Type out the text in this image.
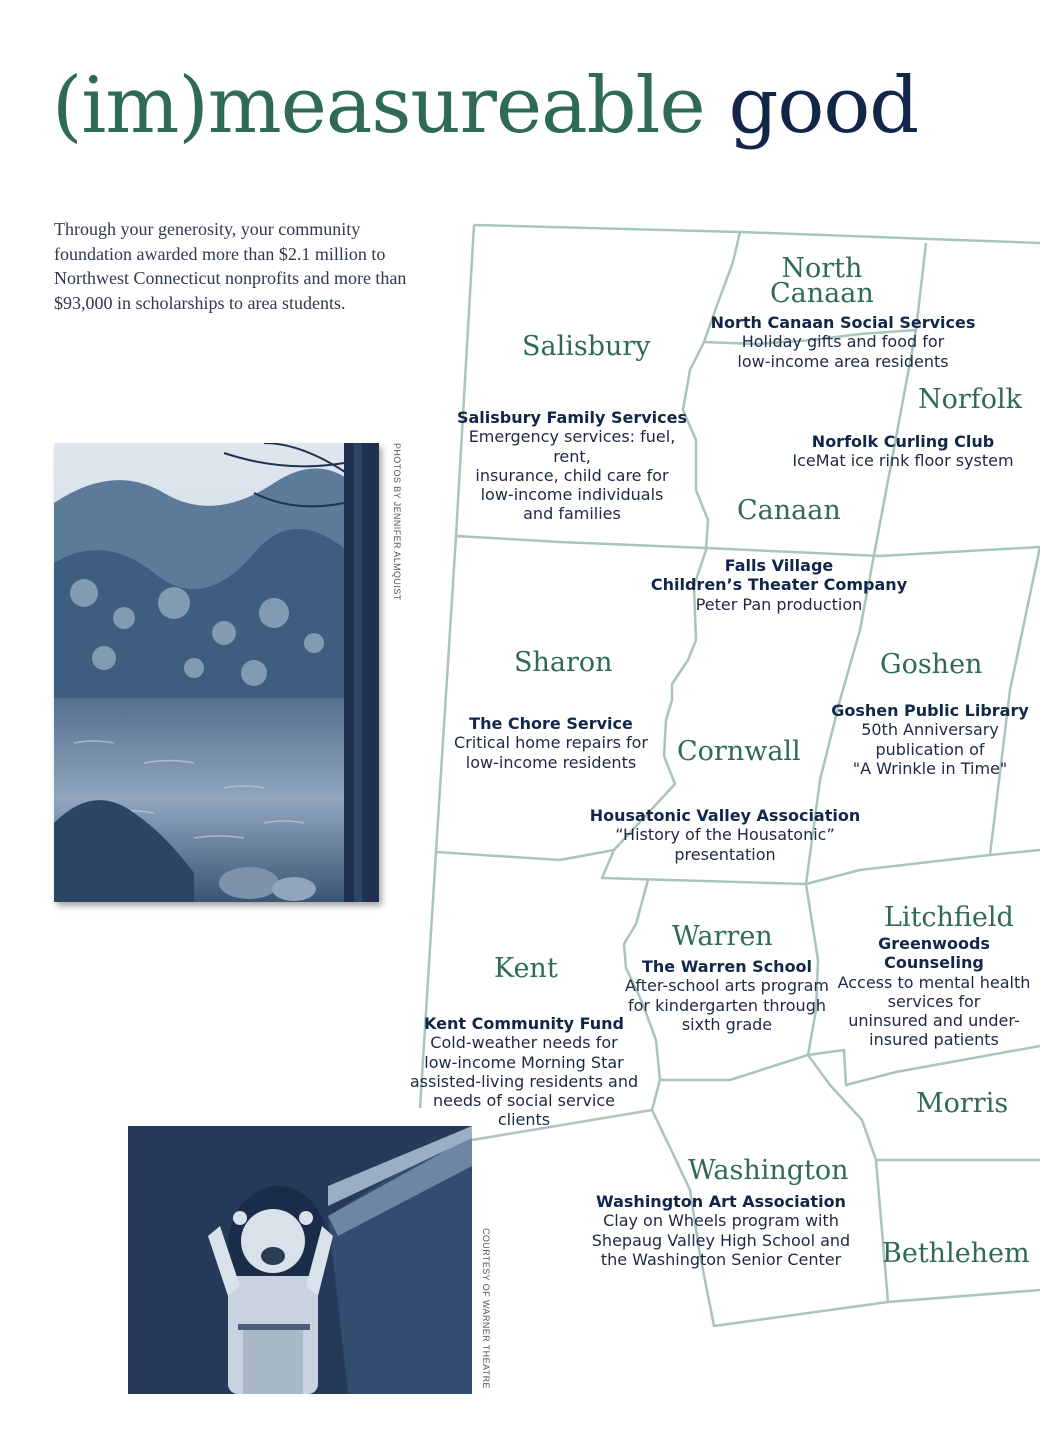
(im)measureable good

Through your generosity, your community foundation awarded more than $2.1 million to Northwest Connecticut nonprofits and more than $93,000 in scholarships to area students.

PHOTOS BY JENNIFER ALMQUIST
COURTESY OF WARNER THEATRE
Salisbury
North
Canaan
Norfolk
Canaan
Sharon	Goshen
Cornwall
Warren
Kent
Litchfield
Morris
Washington
Bethlehem
North Canaan Social Services
Holiday gifts and food for
low-income area residents
Salisbury Family Services
Emergency services: fuel, rent,
insurance, child care for
low-income individuals
and families
Norfolk Curling Club
IceMat ice rink floor system
Falls Village
Children’s Theater Company
Peter Pan production
Goshen Public Library
50th Anniversary
publication of
"A Wrinkle in Time"
The Chore Service
Critical home repairs for
low-income residents
Housatonic Valley Association
“History of the Housatonic”
presentation
The Warren School
After-school arts program
for kindergarten through
sixth grade
Greenwoods
Counseling
Access to mental health
services for
uninsured and under-
insured patients
Kent Community Fund
Cold-weather needs for
low-income Morning Star
assisted-living residents and
needs of social service clients
Washington Art Association
Clay on Wheels program with
Shepaug Valley High School and
the Washington Senior Center
